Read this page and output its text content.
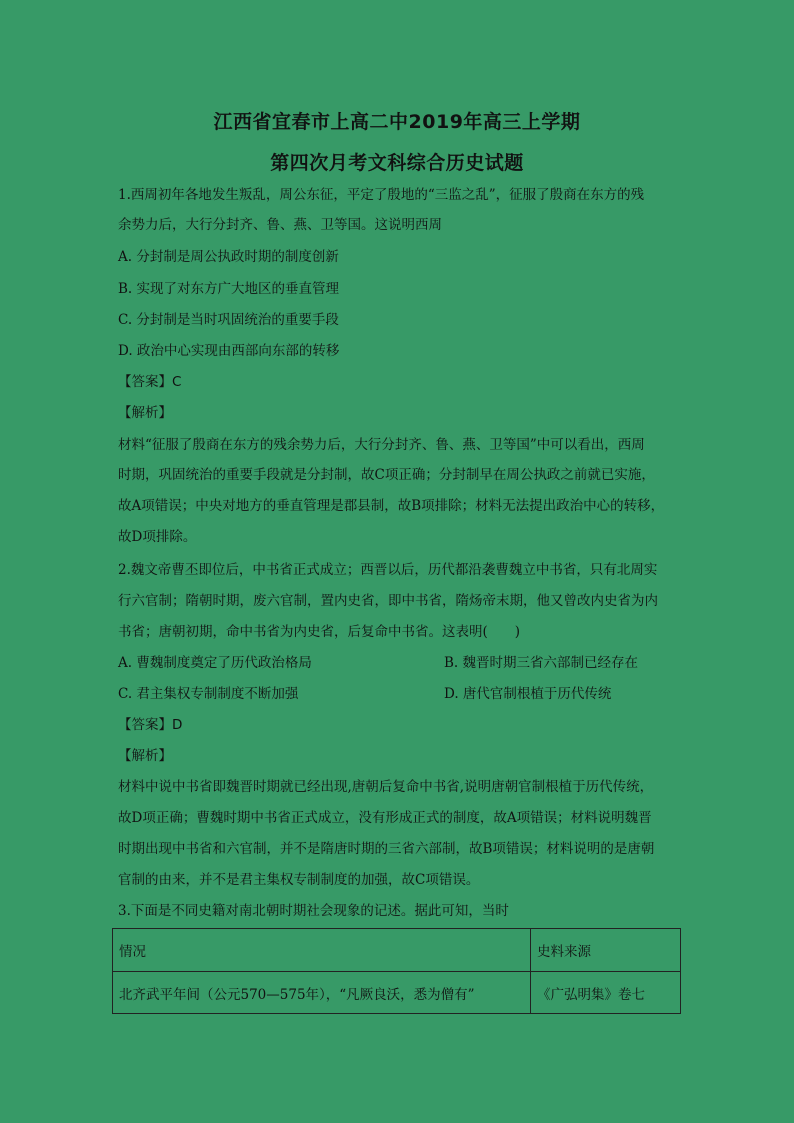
江西省宜春市上高二中2019年高三上学期
第四次月考文科综合历史试题
1.西周初年各地发生叛乱，周公东征，平定了殷地的“三监之乱”，征服了殷商在东方的残
余势力后，大行分封齐、鲁、燕、卫等国。这说明西周
A. 分封制是周公执政时期的制度创新
B. 实现了对东方广大地区的垂直管理
C. 分封制是当时巩固统治的重要手段
D. 政治中心实现由西部向东部的转移
【答案】C
【解析】
材料“征服了殷商在东方的残余势力后，大行分封齐、鲁、燕、卫等国”中可以看出，西周
时期，巩固统治的重要手段就是分封制，故C项正确；分封制早在周公执政之前就已实施，
故A项错误；中央对地方的垂直管理是郡县制，故B项排除；材料无法提出政治中心的转移，
故D项排除。
2.魏文帝曹丕即位后，中书省正式成立；西晋以后，历代都沿袭曹魏立中书省，只有北周实
行六官制；隋朝时期，废六官制，置内史省，即中书省，隋炀帝末期，他又曾改内史省为内
书省；唐朝初期，命中书省为内史省，后复命中书省。这表明(　　)
A. 曹魏制度奠定了历代政治格局	B. 魏晋时期三省六部制已经存在
C. 君主集权专制制度不断加强	D. 唐代官制根植于历代传统
【答案】D
【解析】
材料中说中书省即魏晋时期就已经出现,唐朝后复命中书省,说明唐朝官制根植于历代传统，
故D项正确；曹魏时期中书省正式成立，没有形成正式的制度，故A项错误；材料说明魏晋
时期出现中书省和六官制，并不是隋唐时期的三省六部制，故B项错误；材料说明的是唐朝
官制的由来，并不是君主集权专制制度的加强，故C项错误。
3.下面是不同史籍对南北朝时期社会现象的记述。据此可知，当时
情况	史料来源
北齐武平年间（公元570—575年），“凡厥良沃，悉为僧有”	《广弘明集》卷七
